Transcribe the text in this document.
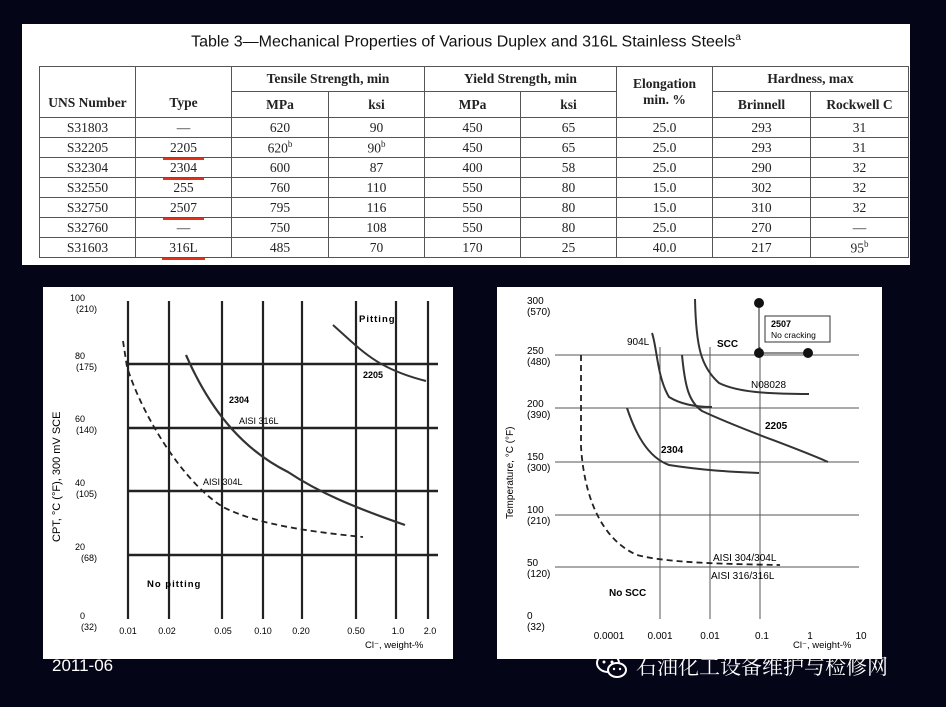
Table 3—Mechanical Properties of Various Duplex and 316L Stainless Steels$^a$
UNS Number	Type	Tensile Strength, min		Yield Strength, min		Elongation min. %	Hardness, max	
		MPa	ksi	MPa	ksi		Brinnell	Rockwell C
S31803	—	620	90	450	65	25.0	293	31
S32205	2205	620$^b$	90$^b$	450	65	25.0	293	31
S32304	2304	600	87	400	58	25.0	290	32
S32550	255	760	110	550	80	15.0	302	32
S32750	2507	795	116	550	80	15.0	310	32
S32760	—	750	108	550	80	25.0	270	—
S31603	316L	485	70	170	25	40.0	217	95$^b$
100
(210)
80
(175)
60
(140)
40
(105)
20
(68)
0
(32) 0.01 0.02	0.05 0.10 0.20	0.50	1.0 2.0
Pitting
2205
2304
AISI 316L
AISI 304L
No pitting
Cl⁻, weight-%
CPT, °C (°F), 300 mV SCE
300
(570)
250
(480)
200
(390)
150
(300)
100
(210)
50
(120)
0
(32)
0.0001 0.001	0.01	0.1	1	10
2507
No cracking
SCC
904L
N08028
2205
2304
AISI 304/304L
AISI 316/316L
No SCC
Cl⁻, weight-%
Temperature, °C (°F)
2011-06	石油化工设备维护与检修网
